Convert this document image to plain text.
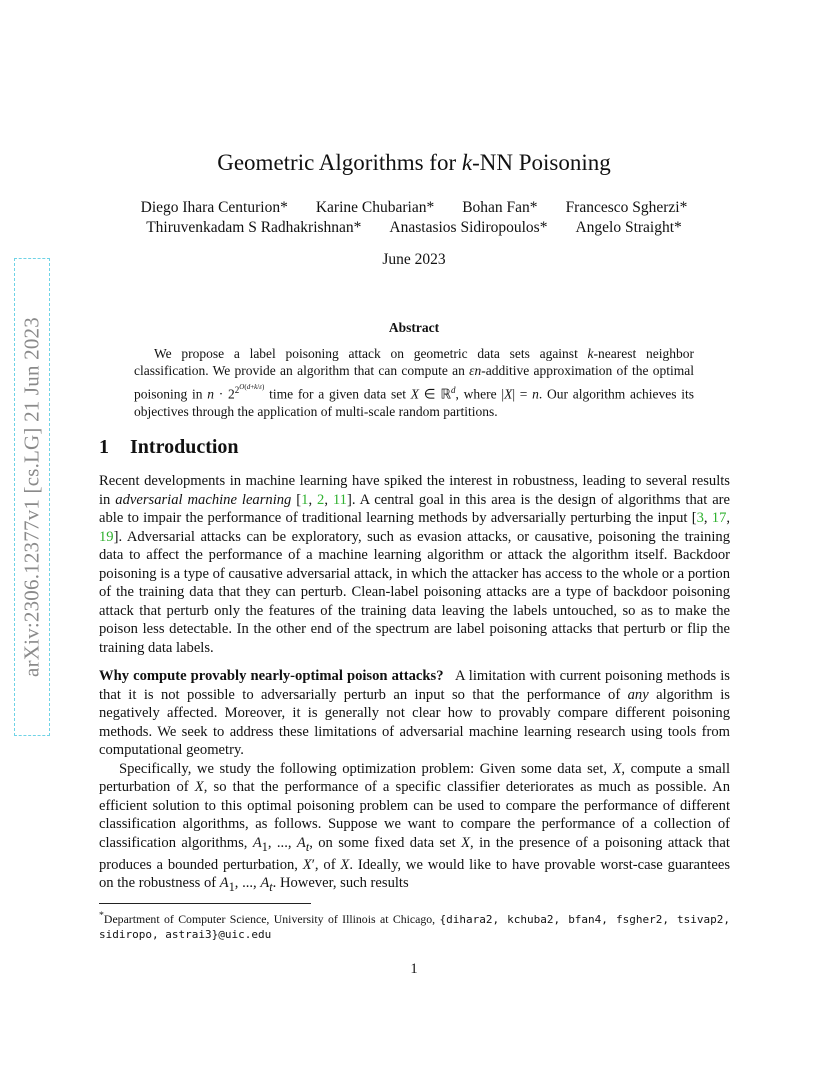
arXiv:2306.12377v1 [cs.LG] 21 Jun 2023
Geometric Algorithms for k-NN Poisoning
Diego Ihara Centurion* Karine Chubarian* Bohan Fan* Francesco Sgherzi*
Thiruvenkadam S Radhakrishnan* Anastasios Sidiropoulos* Angelo Straight*
June 2023
Abstract

We propose a label poisoning attack on geometric data sets against k-nearest neighbor classification. We provide an algorithm that can compute an εn-additive approximation of the optimal poisoning in $n \cdot 2^{2^{O(d+k/\varepsilon)}}$ time for a given data set X ∈ ℝ$^d$, where |X| = n. Our algorithm achieves its objectives through the application of multi-scale random partitions.

1 Introduction

Recent developments in machine learning have spiked the interest in robustness, leading to several results in adversarial machine learning [1, 2, 11]. A central goal in this area is the design of algorithms that are able to impair the performance of traditional learning methods by adversarially perturbing the input [3, 17, 19]. Adversarial attacks can be exploratory, such as evasion attacks, or causative, poisoning the training data to affect the performance of a machine learning algorithm or attack the algorithm itself. Backdoor poisoning is a type of causative adversarial attack, in which the attacker has access to the whole or a portion of the training data that they can perturb. Clean-label poisoning attacks are a type of backdoor poisoning attack that perturb only the features of the training data leaving the labels untouched, so as to make the poison less detectable. In the other end of the spectrum are label poisoning attacks that perturb or flip the training data labels.

Why compute provably nearly-optimal poison attacks?   A limitation with current poisoning methods is that it is not possible to adversarially perturb an input so that the performance of any algorithm is negatively affected. Moreover, it is generally not clear how to provably compare different poisoning methods. We seek to address these limitations of adversarial machine learning research using tools from computational geometry.

Specifically, we study the following optimization problem: Given some data set, X, compute a small perturbation of X, so that the performance of a specific classifier deteriorates as much as possible. An efficient solution to this optimal poisoning problem can be used to compare the performance of different classification algorithms, as follows. Suppose we want to compare the performance of a collection of classification algorithms, $A_1$, ..., $A_t$, on some fixed data set X, in the presence of a poisoning attack that produces a bounded perturbation, X′, of X. Ideally, we would like to have provable worst-case guarantees on the robustness of $A_1$, ..., $A_t$. However, such results

*Department of Computer Science, University of Illinois at Chicago, {dihara2, kchuba2, bfan4, fsgher2, tsivap2, sidiropo, astrai3}@uic.edu
1
